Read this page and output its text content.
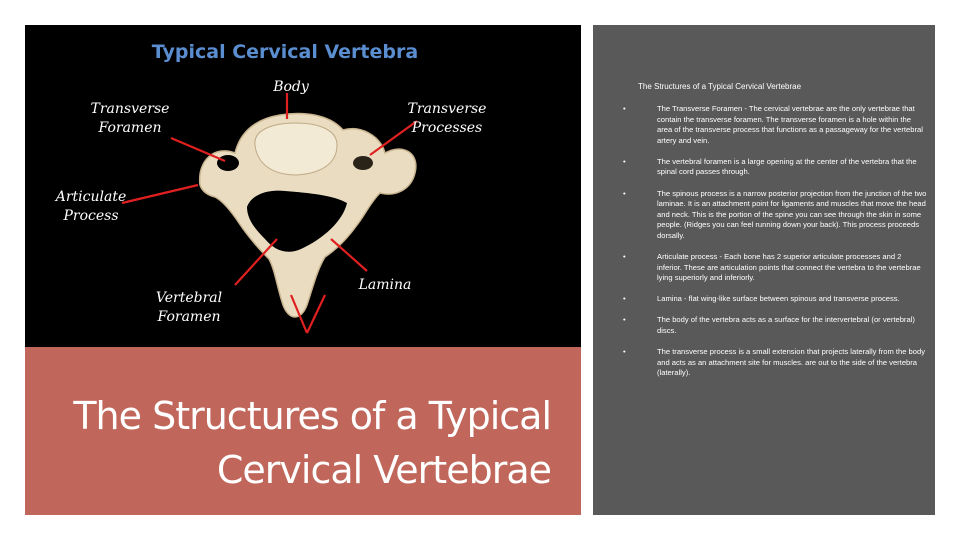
Typical Cervical Vertebra
Body
Transverse
Foramen
Transverse
Processes
Articulate
Process
Lamina
Vertebral
Foramen
The Structures of a Typical
Cervical Vertebrae
The Structures of a Typical Cervical Vertebrae
•	The Transverse Foramen - The cervical vertebrae are the only vertebrae that contain the transverse foramen. The transverse foramen is a hole within the area of the transverse process that functions as a passageway for the vertebral artery and vein.
•	The vertebral foramen is a large opening at the center of the vertebra that the spinal cord passes through.
•	The spinous process is a narrow posterior projection from the junction of the two laminae. It is an attachment point for ligaments and muscles that move the head and neck. This is the portion of the spine you can see through the skin in some people. (Ridges you can feel running down your back). This process proceeds dorsally.
•	Articulate process - Each bone has 2 superior articulate processes and 2 inferior. These are articulation points that connect the vertebra to the vertebrae lying superiorly and inferiorly.
•	Lamina - flat wing-like surface between spinous and transverse process.
•	The body of the vertebra acts as a surface for the intervertebral (or vertebral) discs.
•	The transverse process is a small extension that projects laterally from the body and acts as an attachment site for muscles. are out to the side of the vertebra (laterally).
